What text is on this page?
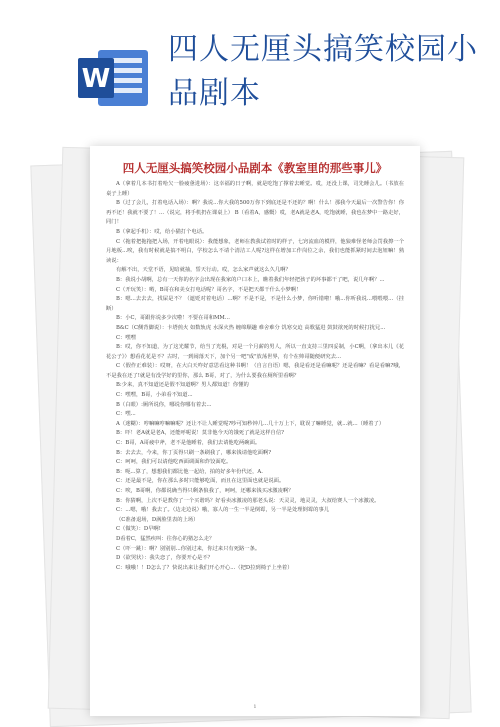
W
四人无厘头搞笑校园小品剧本
四人无厘头搞笑校园小品剧本《教室里的那些事儿》

A（拿着几本书打着哈欠一脸疲惫进场）：这幸福的日子啊，就是吃饱了撑着去睡觉。哎，还没上课，司先睡会儿。（书放在桌子上睡）

B（过了会儿，打着电话入场）：啊？我说...你大我的500万你下到底还是不还的？啊！什么！那我今天最后一次警告你！你再不还！我就不要了！...（说完，将手机扔在课桌上） B（看着A，感慨）哎，老A就是老A，吃饱就睡，我也在梦中一路走好，同门！

B（拿起手机）：哎，给小猫打个电话。

C（拖着把拖拖把入场，开着电眼说）：我能想象，老师在教我试着时的样子，七窍流血的模样，他狼难怪老师会罚我擦一个月地板...唉，我有时候就是搞不明白，学校怎么不请个清洁工人呢?这样在增加工作岗位之余，我们也能抓紧时间去泡妞嘛！熟读说：

有解不出，天堂不语，见暗就抽，誓天行动。哎，怎么家声就这么久几啊？

B：我说小胡啊，总有一天你的名字会出现在我家的户口本上，瞧着我们年轻把孩子的坏事都干了吧，说几年啊？...

C（开玩笑）：哟，B哥在和美女打电话呢？哥名字，不是把天都干什么小梦啊！

B：嗯...去去去，找屎是不？（遮贬对着电话）...啊？不是不是，不是什么小梦，你听错啦！哦...你听我说...喂喂喂...（挂断）

B：小C，哥跟你说多少次啦！不要在哥和MM...

B&C（C侧背脚说）：卡塔煎火 如数轨虎 水深火热 缠绵顺趣 难舍难分 饥寒交迫 高歌猛进 鼓鼓欲死的时候打扰兄...

C：嘿嘿

B：哎，你不知道，为了这光耀节，给当了光棍，对是一个月薪的男人，所以一直支持三里四妥制，小C啊，（拿出本儿《花花公子》）想看花花是不？古时，一到闹落天下，加个另一吧"成"放荡世界，有个在帅哥随便研究去...

C（假作正难装）：哎呀，在大白天咋好意思看这种书啊！（自言自语）嗯，我是看还是看嘛呢？还是看嘛？看是看嘛?哦，不是我在还了!就是有没学好的里你，那么 B哥，对了，为什么要我在厕所里看啊？

B:少来，真不知道还是假不知道啊？男人都知道！你懂的

C：嘿嘿，B哥，小弟看不知道...

B（白眼）:厕所说你，哪说你哪有着去...

C：嘿...

A（迷糊）：哼嘛嘛哼嘛嘛呢？还让不让人睡觉呢?吵可知秒钟几...几十万上下，耽误了嘛睡觉，就...就...（睡着了）

B：吓！老A就是老A，还能呼呢说！莫非他今天的饿死了就是这样自信?

C：B哥，A哥疲中斧，老不是他睡着，我们去请他吃两碗面。

B：去去去，今来，你丁页得只刷一条刷我了，哪来钱请他吃面啊?

C：呵呵，我们可以请他吃西面调面和炸饺面吃。

B：呃...算了，想想我们都比他一起给，拍的好多年份代还，A.

C：还是最不是，你在那么多时只能够吃面，而且在这里面也就是说面。

C：唉，B哥啊，你都说确当得只剩条狼我了，呵呵，还哪来钱买冰激凌啊？

B：你猜啊，上次不是教你了一个买谐吗？好看卖冰激凌的那老头说：天灵灵，地灵灵，大叔给赛人一个冰激凌。

C：...嗯，哦！我去了。（边走边说）哦，寡人的一生一半是倒霉，另一半是处理倒霉的事儿

（C准备退场，D满脸里表的上场）

C（做笑）：D早啊!

D看着C，猛然疾叫：往你心的猪怎么走？

C（吓一跳）：啊？别别别...你别过来，你过来只有死路一条。

D（欲哭状）：我失恋了，你要开心是不？

C：哦哦！！D怎么了？快说出来让我们开心开心...（把D拉到椅子上坐着）

1
